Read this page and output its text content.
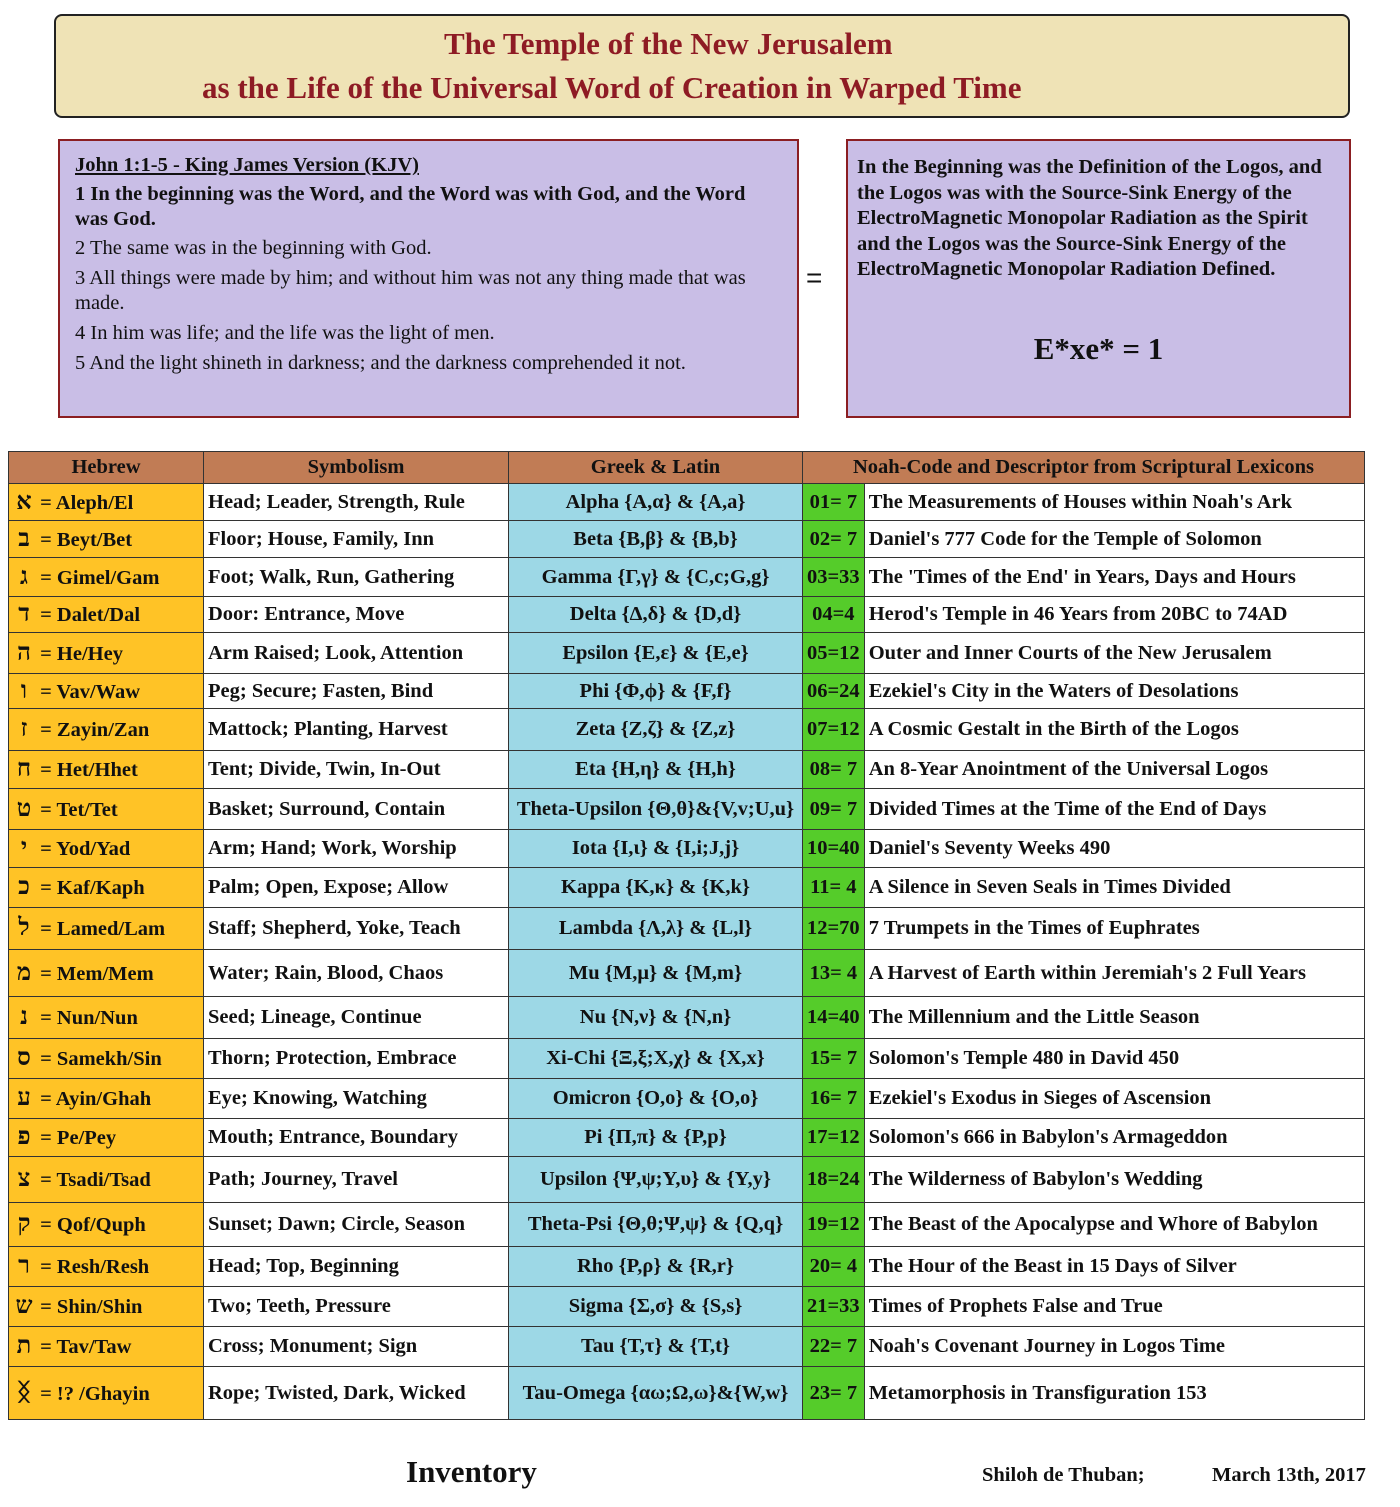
The Temple of the New Jerusalem
as the Life of the Universal Word of Creation in Warped Time
John 1:1-5 - King James Version (KJV)
1 In the beginning was the Word, and the Word was with God, and the Word was God.
2 The same was in the beginning with God.
3 All things were made by him; and without him was not any thing made that was made.
4 In him was life; and the life was the light of men.
5 And the light shineth in darkness; and the darkness comprehended it not.
=
In the Beginning was the Definition of the Logos, and the Logos was with the Source-Sink Energy of the ElectroMagnetic Monopolar Radiation as the Spirit and the Logos was the Source-Sink Energy of the ElectroMagnetic Monopolar Radiation Defined.
E*xe* = 1
Hebrew	Symbolism	Greek & Latin	Noah-Code and Descriptor from Scriptural Lexicons	
א = Aleph/El	Head; Leader, Strength, Rule	Alpha {Α,α} & {A,a}	01= 7	The Measurements of Houses within Noah's Ark
ב = Beyt/Bet	Floor; House, Family, Inn	Beta {Β,β} & {B,b}	02= 7	Daniel's 777 Code for the Temple of Solomon
ג = Gimel/Gam	Foot; Walk, Run, Gathering	Gamma {Γ,γ} & {C,c;G,g}	03=33	The 'Times of the End' in Years, Days and Hours
ד = Dalet/Dal	Door: Entrance, Move	Delta {Δ,δ} & {D,d}	04=4	Herod's Temple in 46 Years from 20BC to 74AD
ה = He/Hey	Arm Raised; Look, Attention	Epsilon {Ε,ε} & {E,e}	05=12	Outer and Inner Courts of the New Jerusalem
ו = Vav/Waw	Peg; Secure; Fasten, Bind	Phi {Φ,ϕ} & {F,f}	06=24	Ezekiel's City in the Waters of Desolations
ז = Zayin/Zan	Mattock; Planting, Harvest	Zeta {Ζ,ζ} & {Z,z}	07=12	A Cosmic Gestalt in the Birth of the Logos
ח = Het/Hhet	Tent; Divide, Twin, In-Out	Eta {Η,η} & {H,h}	08= 7	An 8-Year Anointment of the Universal Logos
ט = Tet/Tet	Basket; Surround, Contain	Theta-Upsilon {Θ,θ}&{V,v;U,u}	09= 7	Divided Times at the Time of the End of Days
י = Yod/Yad	Arm; Hand; Work, Worship	Iota {Ι,ι} & {I,i;J,j}	10=40	Daniel's Seventy Weeks 490
כ = Kaf/Kaph	Palm; Open, Expose; Allow	Kappa {Κ,κ} & {K,k}	11= 4	A Silence in Seven Seals in Times Divided
ל = Lamed/Lam	Staff; Shepherd, Yoke, Teach	Lambda {Λ,λ} & {L,l}	12=70	7 Trumpets in the Times of Euphrates
מ = Mem/Mem	Water; Rain, Blood, Chaos	Mu {Μ,μ} & {M,m}	13= 4	A Harvest of Earth within Jeremiah's 2 Full Years
נ = Nun/Nun	Seed; Lineage, Continue	Nu {Ν,ν} & {N,n}	14=40	The Millennium and the Little Season
ס = Samekh/Sin	Thorn; Protection, Embrace	Xi-Chi {Ξ,ξ;Χ,χ} & {X,x}	15= 7	Solomon's Temple 480 in David 450
ע = Ayin/Ghah	Eye; Knowing, Watching	Omicron {Ο,ο} & {O,o}	16= 7	Ezekiel's Exodus in Sieges of Ascension
פ = Pe/Pey	Mouth; Entrance, Boundary	Pi {Π,π} & {P,p}	17=12	Solomon's 666 in Babylon's Armageddon
צ = Tsadi/Tsad	Path; Journey, Travel	Upsilon {Ψ,ψ;Υ,υ} & {Y,y}	18=24	The Wilderness of Babylon's Wedding
ק = Qof/Quph	Sunset; Dawn; Circle, Season	Theta-Psi {Θ,θ;Ψ,ψ} & {Q,q}	19=12	The Beast of the Apocalypse and Whore of Babylon
ר = Resh/Resh	Head; Top, Beginning	Rho {Ρ,ρ} & {R,r}	20= 4	The Hour of the Beast in 15 Days of Silver
ש = Shin/Shin	Two; Teeth, Pressure	Sigma {Σ,σ} & {S,s}	21=33	Times of Prophets False and True
ת = Tav/Taw	Cross; Monument; Sign	Tau {Τ,τ} & {T,t}	22= 7	Noah's Covenant Journey in Logos Time
ᛝ = !? /Ghayin	Rope; Twisted, Dark, Wicked	Tau-Omega {αω;Ω,ω}&{W,w}	23= 7	Metamorphosis in Transfiguration 153
Inventory	Shiloh de Thuban;	March 13th, 2017
